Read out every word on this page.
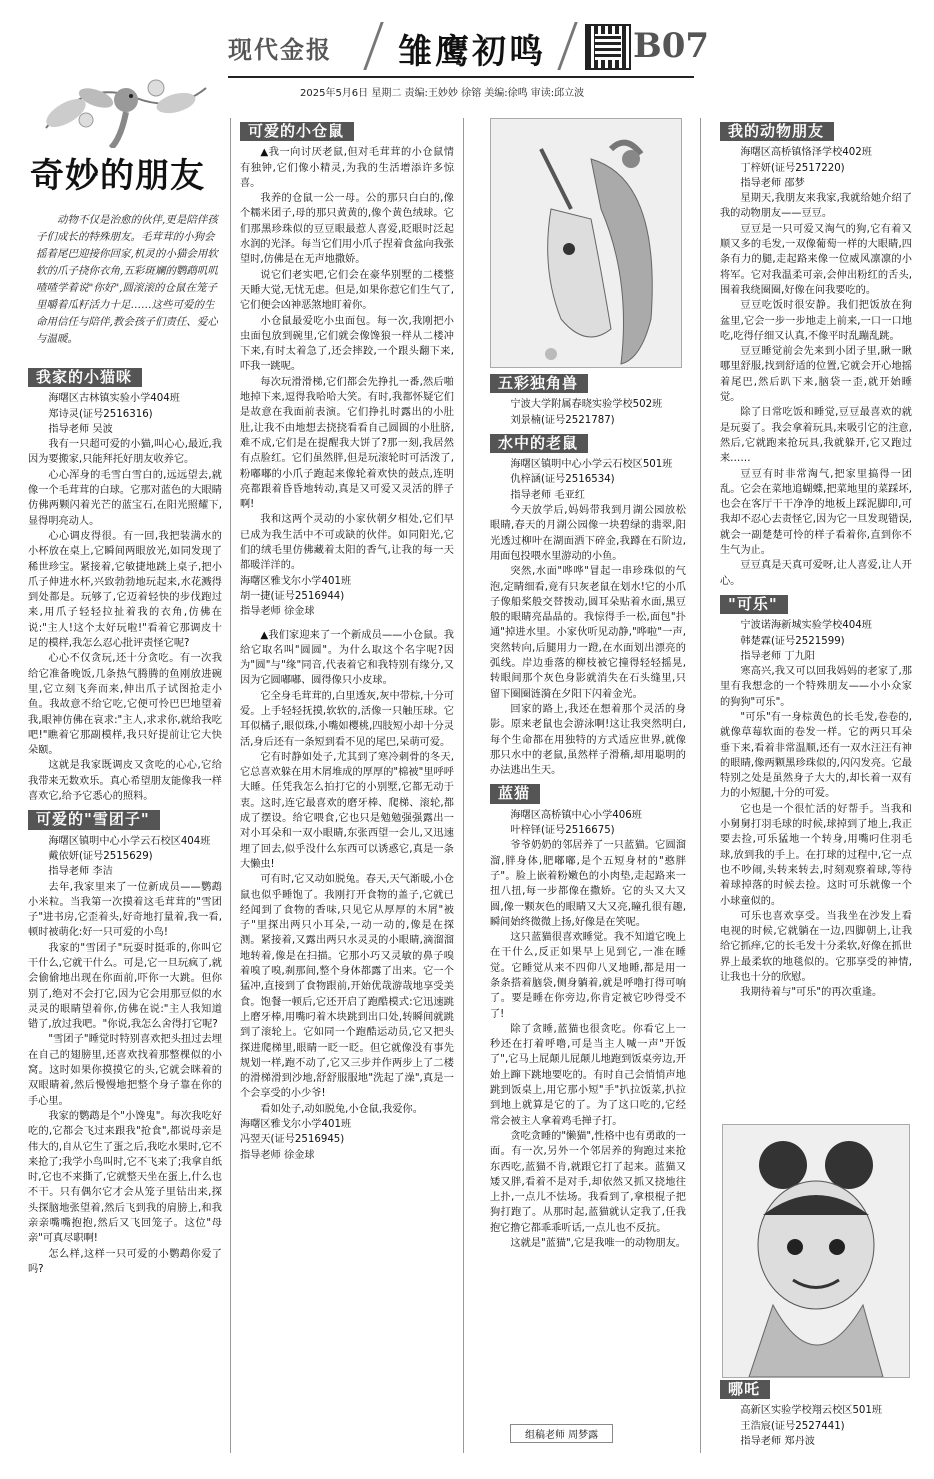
现代金报 雏鹰初鸣	B07
2025年5月6日 星期二 责编:王妙妙 徐镕 美编:徐鸣 审读:邱立波
奇妙的朋友

动物不仅是治愈的伙伴,更是陪伴孩子们成长的特殊朋友。毛茸茸的小狗会摇着尾巴迎接你回家,机灵的小猫会用软软的爪子挠你衣角,五彩斑斓的鹦鹉叽叽喳喳学着说"你好",圆滚滚的仓鼠在笼子里嚼着瓜籽活力十足……这些可爱的生命用信任与陪伴,教会孩子们责任、爱心与温暖。

我家的小猫咪

海曙区古林镇实验小学404班

郑诗灵(证号2516316)

指导老师 吴波

我有一只超可爱的小猫,叫心心,最近,我因为要搬家,只能拜托好朋友收养它。

心心浑身的毛雪白雪白的,远远望去,就像一个毛茸茸的白球。它那对蓝色的大眼睛仿佛两颗闪着光芒的蓝宝石,在阳光照耀下,显得明亮动人。

心心调皮得很。有一回,我把装满水的小杯放在桌上,它瞬间两眼放光,如同发现了稀世珍宝。紧接着,它敏捷地跳上桌子,把小爪子伸进水杯,兴致勃勃地玩起来,水花溅得到处都是。玩够了,它迈着轻快的步伐跑过来,用爪子轻轻拉扯着我的衣角,仿佛在说:"主人!这个太好玩啦!"看着它那调皮十足的模样,我怎么忍心批评责怪它呢?

心心不仅贪玩,还十分贪吃。有一次我给它准备晚饭,几条热气腾腾的鱼刚放进碗里,它立刻飞奔而来,伸出爪子试图抢走小鱼。我故意不给它吃,它便可怜巴巴地望着我,眼神仿佛在哀求:"主人,求求你,就给我吃吧!"瞧着它那副模样,我只好提前让它大快朵颐。

这就是我家既调皮又贪吃的心心,它给我带来无数欢乐。真心希望朋友能像我一样喜欢它,给予它悉心的照料。

可爱的"雪团子"

海曙区镇明中心小学云石校区404班

戴依妍(证号2515629)

指导老师 李洁

去年,我家里来了一位新成员——鹦鹉小米粒。当我第一次摸着这毛茸茸的"雪团子"进书房,它歪着头,好奇地打量着,我一看,顿时被萌化:好一只可爱的小鸟!

我家的"雪团子"玩耍时挺乖的,你叫它干什么,它就干什么。可是,它一旦玩疯了,就会偷偷地出现在你面前,吓你一大跳。但你别了,绝对不会打它,因为它会用那豆似的水灵灵的眼睛望着你,仿佛在说:"主人我知道错了,放过我吧。"你说,我怎么舍得打它呢?

"雪团子"睡觉时特别喜欢把头扭过去埋在自己的翅膀里,还喜欢找着那整棵似的小窝。这时如果你摸摸它的头,它就会眯着的双眼睛着,然后慢慢地把整个身子靠在你的手心里。

我家的鹦鹉是个"小馋鬼"。每次我吃好吃的,它都会飞过来跟我"抢食",都说母亲是伟大的,自从它生了蛋之后,我吃水果时,它不来抢了;我学小鸟叫时,它不飞来了;我拿自纸时,它也不来撕了,它就整天坐在蛋上,什么也不干。只有偶尔它才会从笼子里钻出来,探头探脑地张望着,然后飞到我的肩膀上,和我亲亲嘴嘴抱抱,然后又飞回笼子。这位"母亲"可真尽职啊!

怎么样,这样一只可爱的小鹦鹉你爱了吗?

可爱的小仓鼠

▲我一向讨厌老鼠,但对毛茸茸的小仓鼠情有独钟,它们像小精灵,为我的生活增添许多惊喜。

我养的仓鼠一公一母。公的那只白白的,像个糯米团子,母的那只黄黄的,像个黄色绒球。它们那黑珍珠似的豆豆眼最惹人喜爱,眨眼时泛起水润的光泽。每当它们用小爪子捏着食盆向我张望时,仿佛是在无声地撒娇。

说它们老实吧,它们会在豪华别墅的二楼整天睡大觉,无忧无虑。但是,如果你惹它们生气了,它们便会凶神恶煞地盯着你。

小仓鼠最爱吃小虫面包。每一次,我刚把小虫面包放到碗里,它们就会像馋狼一样从二楼冲下来,有时太着急了,还会摔跤,一个跟头翻下来,吓我一跳呢。

每次玩滑滑梯,它们都会先挣扎一番,然后啪地掉下来,逗得我哈哈大笑。有时,我都怀疑它们是故意在我面前表演。它们挣扎时露出的小肚肚,让我不由地想去挠挠看看自己圆圆的小肚脐,难不成,它们是在提醒我大饼了?那一刻,我居然有点脸红。它们虽然胖,但是玩滚轮时可活泼了,粉嘟嘟的小爪子跑起来像轮着欢快的鼓点,连明亮都跟着昏昏地转动,真是又可爱又灵活的胖子啊!

我和这两个灵动的小家伙朝夕相处,它们早已成为我生活中不可或缺的伙伴。如同阳光,它们的绒毛里仿佛藏着太阳的香气,让我的每一天都暖洋洋的。

海曙区雅戈尔小学401班

胡一捷(证号2516944)

指导老师 徐金球

▲我们家迎来了一个新成员——小仓鼠。我给它取名叫"圆圆"。为什么取这个名字呢?因为"圆"与"缘"同音,代表着它和我特别有缘分,又因为它圆嘟嘟、圆得像只小皮球。

它全身毛茸茸的,白里透灰,灰中带棕,十分可爱。上手轻轻抚摸,软软的,活像一只触压球。它耳似橘子,眼似珠,小嘴如樱桃,四肢短小却十分灵活,身后还有一条短到看不见的尾巴,呆萌可爱。

它有时静如处子,尤其到了寒冷刺骨的冬天,它总喜欢躲在用木屑堆成的厚厚的"棉被"里呼呼大睡。任凭我怎么拍打它的小别墅,它都无动于衷。这时,连它最喜欢的磨牙棒、爬梯、滚轮,都成了摆设。给它喂食,它也只是勉勉强强露出一对小耳朵和一双小眼睛,东张西望一会儿,又迅速埋了回去,似乎没什么东西可以诱惑它,真是一条大懒虫!

可有时,它又动如脱兔。春天,天气渐暖,小仓鼠也似乎睡饱了。我刚打开食物的盖子,它就已经闻到了食物的香味,只见它从厚厚的木屑"被子"里探出两只小耳朵,一动一动的,像是在探测。紧接着,又露出两只水灵灵的小眼睛,滴溜溜地转着,像是在扫描。它那小巧又灵敏的鼻子嗅着嗅了嗅,刹那间,整个身体都露了出来。它一个猛冲,直接到了食物跟前,开始优哉游哉地享受美食。饱餐一顿后,它还开启了跑酷模式:它迅速跳上磨牙棒,用嘴叼着木块跳到出口处,转瞬间就跳到了滚轮上。它如同一个跑酷运动员,它又把头探进爬梯里,眼睛一眨一眨。但它就像没有事先规划一样,跑不动了,它又三步并作两步上了二楼的滑梯滑到沙地,舒舒服服地"洗起了澡",真是一个会享受的小少爷!

看如处子,动如脱兔,小仓鼠,我爱你。

海曙区雅戈尔小学401班

冯翌天(证号2516945)

指导老师 徐金球

五彩独角兽

宁波大学附属春晓实验学校502班

刘景楠(证号2521787)

水中的老鼠

海曙区镇明中心小学云石校区501班

仇梓涵(证号2516534)

指导老师 毛亚红

今天放学后,妈妈带我到月湖公园放松眼睛,春天的月湖公园像一块碧绿的翡翠,阳光透过柳叶在湖面洒下碎金,我蹲在石阶边,用面包投喂水里游动的小鱼。

突然,水面"哗哗"冒起一串珍珠似的气泡,定睛细看,竟有只灰老鼠在划水!它的小爪子像船桨般交替拨动,圆耳朵贴着水面,黑豆般的眼睛亮晶晶的。我惊得手一松,面包"扑通"掉进水里。小家伙听见动静,"哗啦"一声,突然转向,后腿用力一蹬,在水面划出漂亮的弧线。岸边垂落的柳枝被它撞得轻轻摇晃,转眼间那个灰色身影就消失在石头缝里,只留下圈圈涟漪在夕阳下闪着金光。

回家的路上,我还在想着那个灵活的身影。原来老鼠也会游泳啊!这让我突然明白,每个生命都在用独特的方式适应世界,就像那只水中的老鼠,虽然样子滑稽,却用聪明的办法逃出生天。

蓝猫

海曙区高桥镇中心小学406班

叶梓铎(证号2516675)

爷爷奶奶的邻居养了一只蓝猫。它圆溜溜,胖身体,肥嘟嘟,是个五短身材的"憨胖子"。脸上嵌着粉嫩色的小肉垫,走起路来一扭八扭,每一步都像在撒娇。它的头又大又圆,像一颗灰色的眼睛又大又亮,瞳孔很有趣,瞬间始终微微上扬,好像是在笑呢。

这只蓝猫很喜欢睡觉。我不知道它晚上在干什么,反正如果早上见到它,一准在睡觉。它睡觉从来不四仰八叉地睡,都是用一条条搭着脑袋,侧身躺着,就是呼噜打得可响了。要是睡在你旁边,你肯定被它吵得受不了!

除了贪睡,蓝猫也很贪吃。你看它上一秒还在打着呼噜,可是当主人喊一声"开饭了",它马上屁颠儿屁颠儿地跑到饭桌旁边,开始上蹿下跳地要吃的。有时自己会悄悄声地跳到饭桌上,用它那小短"手"扒拉饭菜,扒拉到地上就算是它的了。为了这口吃的,它经常会被主人拿着鸡毛掸子打。

贪吃贪睡的"懒猫",性格中也有勇敢的一面。有一次,另外一个邻居养的狗跑过来抢东西吃,蓝猫不肯,就跟它打了起来。蓝猫又矮又胖,看着不是对手,却依然又抓又挠地往上扑,一点儿不怯场。我看到了,拿根棍子把狗打跑了。从那时起,蓝猫就认定我了,任我抱它撸它都乖乖听话,一点儿也不反抗。

这就是"蓝猫",它是我唯一的动物朋友。

组稿老师 周梦露
我的动物朋友

海曙区高桥镇恪泽学校402班

丁梓妍(证号2517220)

指导老师 邵梦

星期天,我朋友来我家,我就给她介绍了我的动物朋友——豆豆。

豆豆是一只可爱又淘气的狗,它有着又顺又多的毛发,一双像葡萄一样的大眼睛,四条有力的腿,走起路来像一位威风凛凛的小将军。它对我温柔可亲,会伸出粉红的舌头,围着我绕圈圈,好像在问我要吃的。

豆豆吃饭时很安静。我们把饭放在狗盆里,它会一步一步地走上前来,一口一口地吃,吃得仔细又认真,不像平时乱蹦乱跳。

豆豆睡觉前会先来到小团子里,瞅一瞅哪里舒服,找到舒适的位置,它就会开心地摇着尾巴,然后趴下来,脑袋一歪,就开始睡觉。

除了日常吃饭和睡觉,豆豆最喜欢的就是玩耍了。我会拿着玩具,来吸引它的注意,然后,它就跑来抢玩具,我就躲开,它又跑过来……

豆豆有时非常淘气,把家里搞得一团乱。它会在菜地追蝴蝶,把菜地里的菜踩坏,也会在客厅干干净净的地板上踩泥脚印,可我却不忍心去责怪它,因为它一旦发现错误,就会一副楚楚可怜的样子看着你,直到你不生气为止。

豆豆真是天真可爱呀,让人喜爱,让人开心。

"可乐"

宁波诺海新城实验学校404班

韩楚霖(证号2521599)

指导老师 丁九阳

寒高兴,我又可以回我妈妈的老家了,那里有我想念的一个特殊朋友——小小众家的狗狗"可乐"。

"可乐"有一身棕黄色的长毛发,卷卷的,就像草莓软面的卷发一样。它的两只耳朵垂下来,看着非常温顺,还有一双水汪汪有神的眼睛,像两颗黑珍珠似的,闪闪发亮。它最特别之处是虽然身子大大的,却长着一双有力的小短腿,十分的可爱。

它也是一个很忙活的好帮手。当我和小舅舅打羽毛球的时候,球掉到了地上,我正要去捡,可乐猛地一个转身,用嘴叼住羽毛球,放到我的手上。在打球的过程中,它一点也不吵闹,头转来转去,时刻观察着球,等待着球掉落的时候去捡。这时可乐就像一个小球童似的。

可乐也喜欢享受。当我坐在沙发上看电视的时候,它就躺在一边,四脚朝上,让我给它抓痒,它的长毛发十分柔软,好像在抓世界上最柔软的地毯似的。它那享受的神情,让我也十分的欣慰。

我期待着与"可乐"的再次重逢。

哪吒

高新区实验学校翔云校区501班

王浩宸(证号2527441)

指导老师 郑丹波
